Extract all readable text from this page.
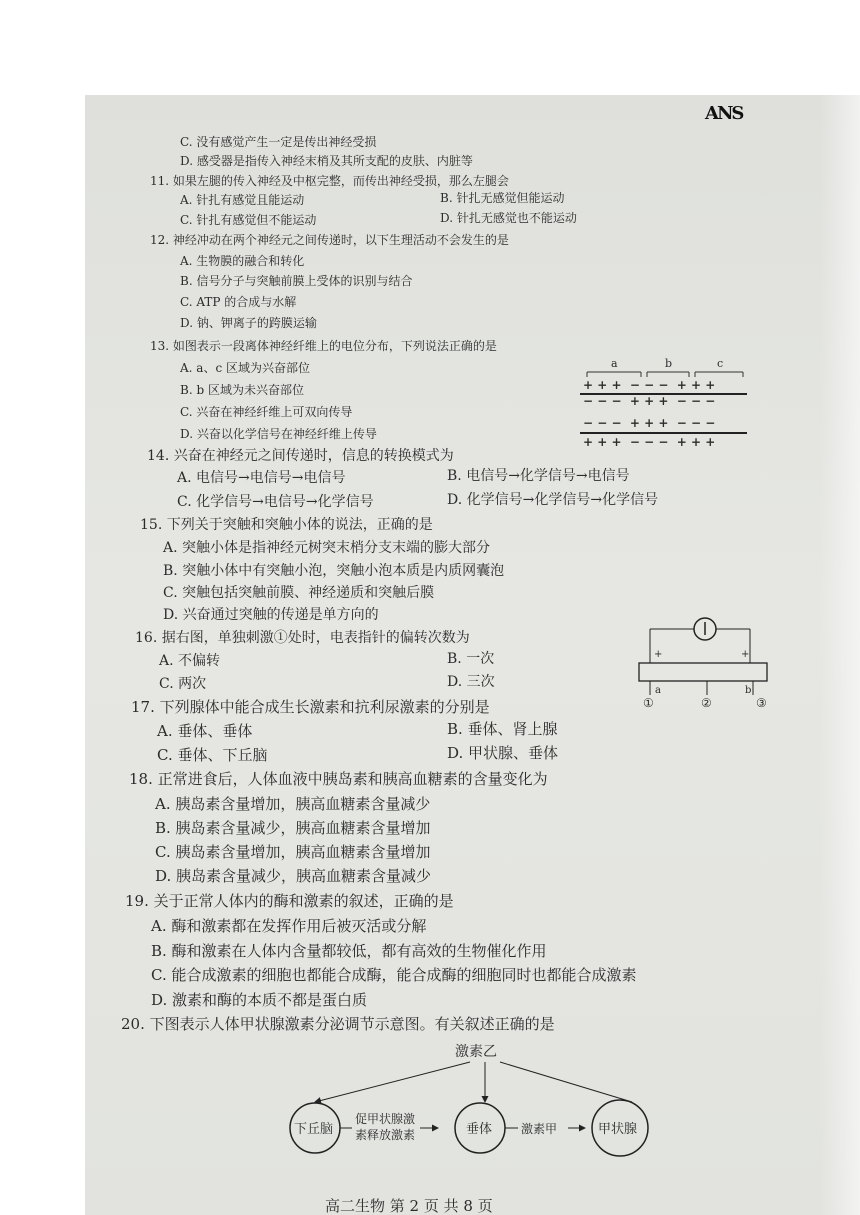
ANS
C. 没有感觉产生一定是传出神经受损
D. 感受器是指传入神经末梢及其所支配的皮肤、内脏等
11. 如果左腿的传入神经及中枢完整，而传出神经受损，那么左腿会
A. 针扎有感觉且能运动	B. 针扎无感觉但能运动
C. 针扎有感觉但不能运动	D. 针扎无感觉也不能运动
12. 神经冲动在两个神经元之间传递时，以下生理活动不会发生的是
A. 生物膜的融合和转化
B. 信号分子与突触前膜上受体的识别与结合
C. ATP 的合成与水解
D. 钠、钾离子的跨膜运输
13. 如图表示一段离体神经纤维上的电位分布，下列说法正确的是
A. a、c 区域为兴奋部位
B. b 区域为未兴奋部位
C. 兴奋在神经纤维上可双向传导
D. 兴奋以化学信号在神经纤维上传导
14. 兴奋在神经元之间传递时，信息的转换模式为
A. 电信号→电信号→电信号	B. 电信号→化学信号→电信号
C. 化学信号→电信号→化学信号	D. 化学信号→化学信号→化学信号
15. 下列关于突触和突触小体的说法，正确的是
A. 突触小体是指神经元树突末梢分支末端的膨大部分
B. 突触小体中有突触小泡，突触小泡本质是内质网囊泡
C. 突触包括突触前膜、神经递质和突触后膜
D. 兴奋通过突触的传递是单方向的
16. 据右图，单独刺激①处时，电表指针的偏转次数为
A. 不偏转	B. 一次
C. 两次	D. 三次
17. 下列腺体中能合成生长激素和抗利尿激素的分别是
A. 垂体、垂体	B. 垂体、肾上腺
C. 垂体、下丘脑	D. 甲状腺、垂体
18. 正常进食后，人体血液中胰岛素和胰高血糖素的含量变化为
A. 胰岛素含量增加，胰高血糖素含量减少
B. 胰岛素含量减少，胰高血糖素含量增加
C. 胰岛素含量增加，胰高血糖素含量增加
D. 胰岛素含量减少，胰高血糖素含量减少
19. 关于正常人体内的酶和激素的叙述，正确的是
A. 酶和激素都在发挥作用后被灭活或分解
B. 酶和激素在人体内含量都较低，都有高效的生物催化作用
C. 能合成激素的细胞也都能合成酶，能合成酶的细胞同时也都能合成激素
D. 激素和酶的本质不都是蛋白质
20. 下图表示人体甲状腺激素分泌调节示意图。有关叙述正确的是
a	b	c
+ + +  − − −  + + +
− − −  + + +  − − −
− − −  + + +  − − −
+ + +  − − −  + + +
+	+
a	b
①	②	③
激素乙
下丘脑
促甲状腺激
素释放激素	垂体 激素甲	甲状腺
高二生物 第 2 页 共 8 页
